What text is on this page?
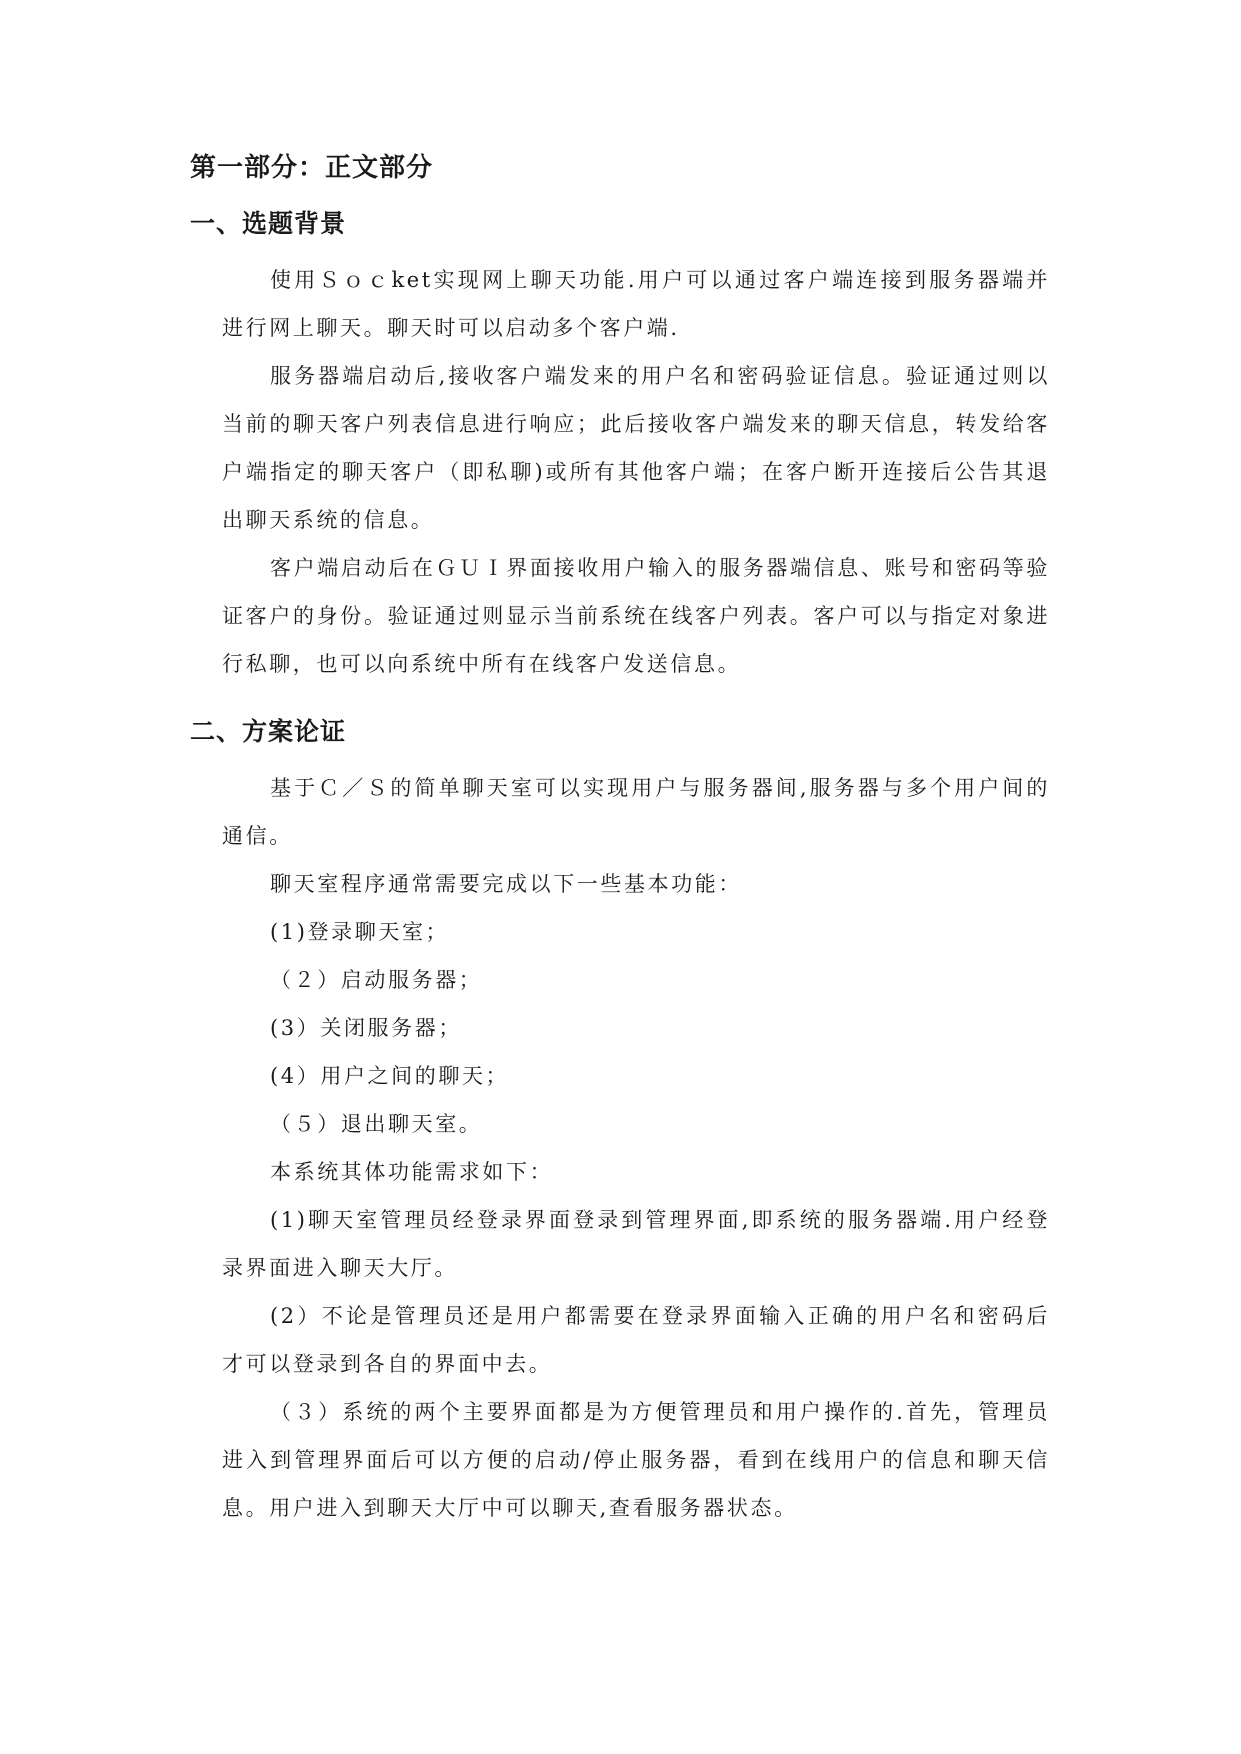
第一部分：正文部分
一、选题背景

使用Ｓｏｃket实现网上聊天功能.用户可以通过客户端连接到服务器端并进行网上聊天。聊天时可以启动多个客户端.

服务器端启动后,接收客户端发来的用户名和密码验证信息。验证通过则以当前的聊天客户列表信息进行响应；此后接收客户端发来的聊天信息，转发给客户端指定的聊天客户（即私聊)或所有其他客户端；在客户断开连接后公告其退出聊天系统的信息。

客户端启动后在ＧＵＩ界面接收用户输入的服务器端信息、账号和密码等验证客户的身份。验证通过则显示当前系统在线客户列表。客户可以与指定对象进行私聊，也可以向系统中所有在线客户发送信息。

二、方案论证

基于Ｃ／Ｓ的简单聊天室可以实现用户与服务器间,服务器与多个用户间的通信。

聊天室程序通常需要完成以下一些基本功能：

(1)登录聊天室；
（２）启动服务器；
(3）关闭服务器；
(4）用户之间的聊天；
（５）退出聊天室。

本系统其体功能需求如下：

(1)聊天室管理员经登录界面登录到管理界面,即系统的服务器端.用户经登录界面进入聊天大厅。

(2）不论是管理员还是用户都需要在登录界面输入正确的用户名和密码后才可以登录到各自的界面中去。

（３）系统的两个主要界面都是为方便管理员和用户操作的.首先，管理员进入到管理界面后可以方便的启动/停止服务器，看到在线用户的信息和聊天信息。用户进入到聊天大厅中可以聊天,查看服务器状态。
